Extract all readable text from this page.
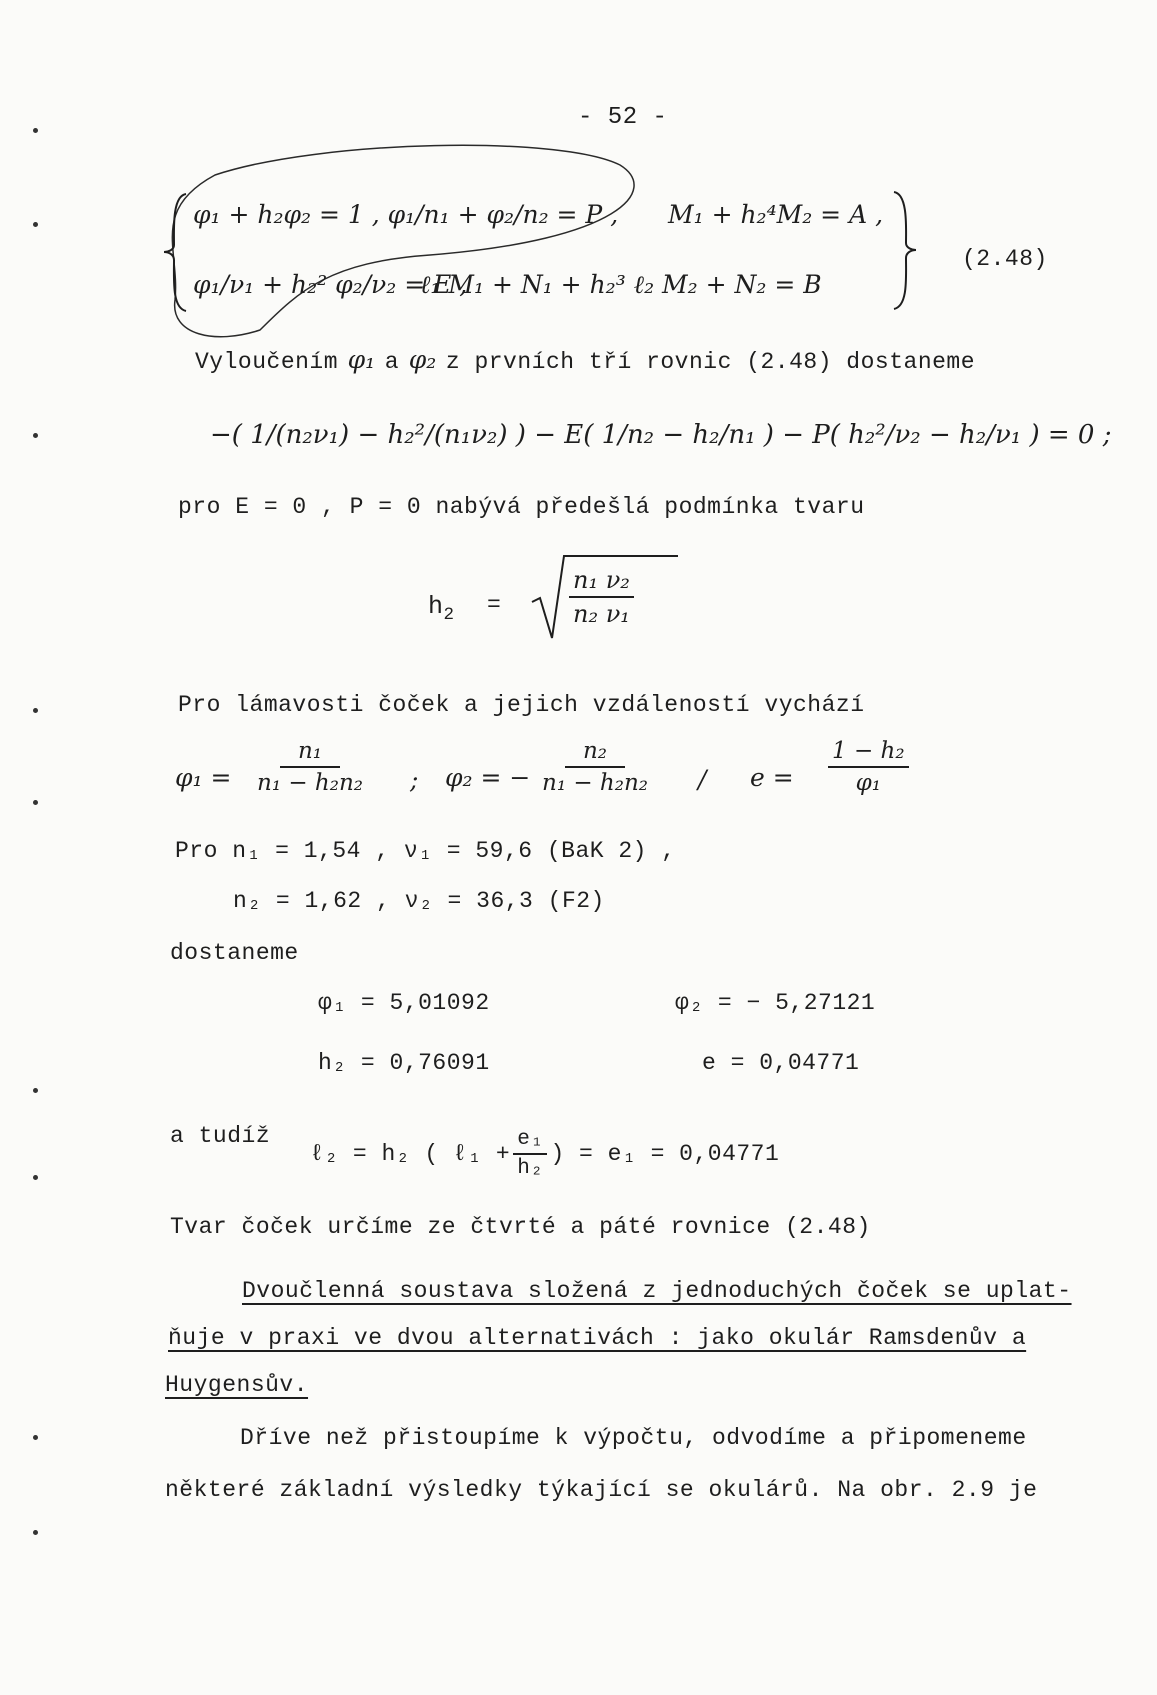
- 52 -
φ₁ + h₂φ₂ = 1 , φ₁/n₁ + φ₂/n₂ = P , M₁ + h₂⁴M₂ = A ,
φ₁/ν₁ + h₂² φ₂/ν₂ = E ,
ℓ₁ M₁ + N₁ + h₂³ ℓ₂ M₂ + N₂ = B
(2.48)
Vyloučením φ₁ a φ₂ z prvních tří rovnic (2.48) dostaneme
−( 1/(n₂ν₁) − h₂²/(n₁ν₂) ) − E( 1/n₂ − h₂/n₁ ) − P( h₂²/ν₂ − h₂/ν₁ ) = 0 ;
pro E = 0 , P = 0 nabývá předešlá podmínka tvaru
$h_2$ =	$\frac{\text{n₁ ν₂}}{\text{n₂ ν₁}}$
Pro lámavosti čoček a jejich vzdáleností vychází
$\varphi_1 = \frac{\text{n₁}}{\text{n₁ − h₂n₂}}$ ; φ₂ = − $\frac{\text{n₂}}{\text{n₁ − h₂n₂}} / e = \frac{\text{1 − h₂}}{\text{φ₁}}$
Pro n₁ = 1,54 , ν₁ = 59,6 (BaK 2) ,
n₂ = 1,62 , ν₂ = 36,3 (F2)
dostaneme
φ₁ = 5,01092	φ₂ = − 5,27121
h₂ = 0,76091	e = 0,04771
a tudíž
ℓ₂ = h₂ ( ℓ₁ + $\frac{\text{e₁}}{\text{h₂}}$ ) = e₁ = 0,04771
Tvar čoček určíme ze čtvrté a páté rovnice (2.48)
Dvoučlenná soustava složená z jednoduchých čoček se uplat-
ňuje v praxi ve dvou alternativách : jako okulár Ramsdenův a
Huygensův.
Dříve než přistoupíme k výpočtu, odvodíme a připomeneme
některé základní výsledky týkající se okulárů. Na obr. 2.9 je
